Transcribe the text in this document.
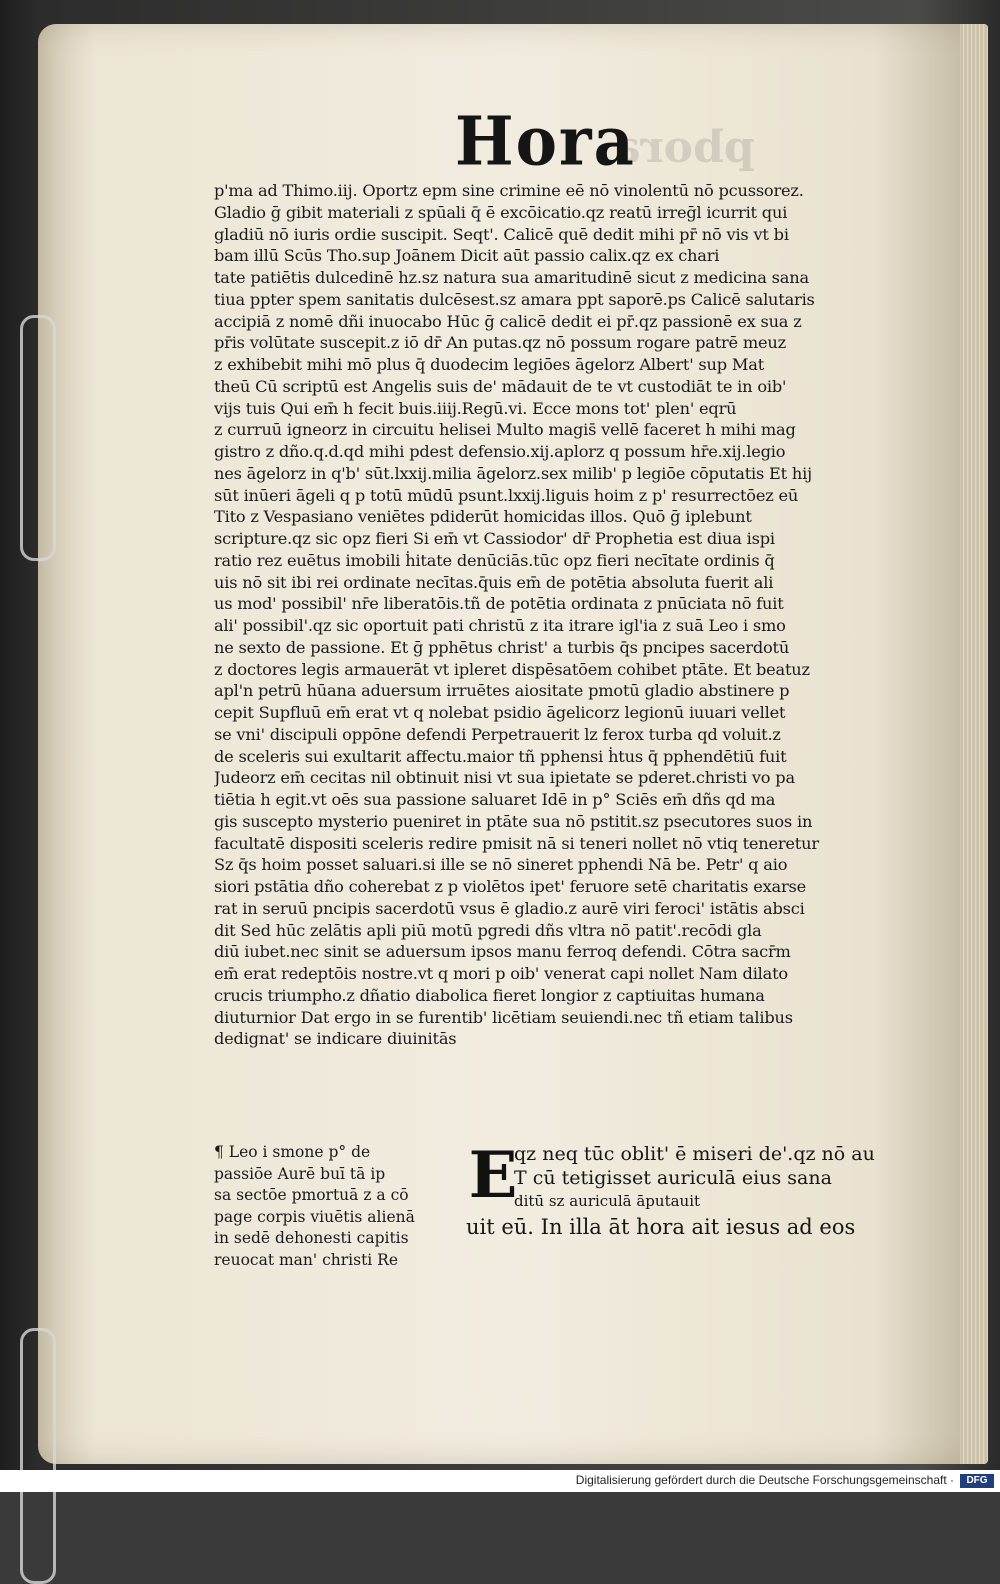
pbora
Hora
p'ma ad Thimo.iij. Oportz epm sine crimine eē nō vinolentū nō pcussorez.
Gladio ḡ gibit materiali z spūali q̄ ē excōicatio.qz reatū irreḡl icurrit qui
gladiū nō iuris ordie suscipit. Seqt'. Calicē quē dedit mihi pr̄ nō vis vt bi
bam illū Scūs Tho.sup Joānem Dicit aūt passio calix.qz ex chari
tate patiētis dulcedinē hz.sz natura sua amaritudinē sicut z medicina sana
tiua ppter spem sanitatis dulcēsest.sz amara ppt saporē.ps Calicē salutaris
accipiā z nomē dñi inuocabo Hūc ḡ calicē dedit ei pr̄.qz passionē ex sua z
pr̄is volūtate suscepit.z iō dr̄ An putas.qz nō possum rogare patrē meuz
z exhibebit mihi mō plus q̄ duodecim legiōes āgelorz Albert' sup Mat
theū Cū scriptū est Angelis suis de' mādauit de te vt custodiāt te in oib'
vijs tuis Qui em̄ h fecit buis.iiij.Regū.vi. Ecce mons tot' plen' eqrū
z curruū igneorz in circuitu helisei Multo magis̄ vellē faceret h mihi mag
gistro z dño.q.d.qd mihi pdest defensio.xij.aplorz q possum hr̄e.xij.legio
nes āgelorz in q'b' sūt.lxxij.milia āgelorz.sex milib' p legiōe cōputatis Et hij
sūt inūeri āgeli q p totū mūdū psunt.lxxij.liguis hoim z p' resurrectōez eū
Tito z Vespasiano veniētes pdiderūt homicidas illos. Quō ḡ iplebunt
scripture.qz sic opz fieri Si em̄ vt Cassiodor' dr̄ Prophetia est diua ispi
ratio rez euētus imobili ḣitate denūciās.tūc opz fieri necītate ordinis q̄
uis nō sit ibi rei ordinate necītas.q̄uis em̄ de potētia absoluta fuerit ali
us mod' possibil' nr̄e liberatōis.tñ de potētia ordinata z pnūciata nō fuit
ali' possibil'.qz sic oportuit pati christū z ita itrare igl'ia z suā Leo i smo
ne sexto de passione. Et ḡ pphētus christ' a turbis q̄s pncipes sacerdotū
z doctores legis armauerāt vt ipleret dispēsatōem cohibet ptāte. Et beatuz
apl'n petrū hūana aduersum irruētes aiositate pmotū gladio abstinere p
cepit Supfluū em̄ erat vt q nolebat psidio āgelicorz legionū iuuari vellet
se vni' discipuli oppōne defendi Perpetrauerit lz ferox turba qd voluit.z
de sceleris sui exultarit affectu.maior tñ pphensi ḣtus q̄ pphendētiū fuit
Judeorz em̄ cecitas nil obtinuit nisi vt sua ipietate se pderet.christi vo pa
tiētia h egit.vt oēs sua passione saluaret Idē in p° Sciēs em̄ dñs qd ma
gis suscepto mysterio pueniret in ptāte sua nō pstitit.sz psecutores suos in
facultatē dispositi sceleris redire pmisit nā si teneri nollet nō vtiq teneretur
Sz q̄s hoim posset saluari.si ille se nō sineret pphendi Nā be. Petr' q aio
siori pstātia dño coherebat z p violētos ipet' feruore setē charitatis exarse
rat in seruū pncipis sacerdotū vsus ē gladio.z aurē viri feroci' istātis absci
dit Sed hūc zelātis apli piū motū pgredi dñs vltra nō patit'.recōdi gla
diū iubet.nec sinit se aduersum ipsos manu ferroq defendi. Cōtra sacr̄m
em̄ erat redeptōis nostre.vt q mori p oib' venerat capi nollet Nam dilato
crucis triumpho.z dñatio diabolica fieret longior z captiuitas humana
diuturnior Dat ergo in se furentib' licētiam seuiendi.nec tñ etiam talibus
dedignat' se indicare diuinitās
¶ Leo i smone p° de
passiōe Aurē buī tā ip
sa sectōe pmortuā z a cō
page corpis viuētis alienā
in sedē dehonesti capitis
reuocat man' christi Re
E
qz neq tūc oblit' ē miseri de'.qz nō au
T cū tetigisset auriculā eius sana
ditū sz auriculā āputauit
uit eū. In illa āt hora ait iesus ad eos
Digitalisierung gefördert durch die Deutsche Forschungsgemeinschaft ·	DFG
